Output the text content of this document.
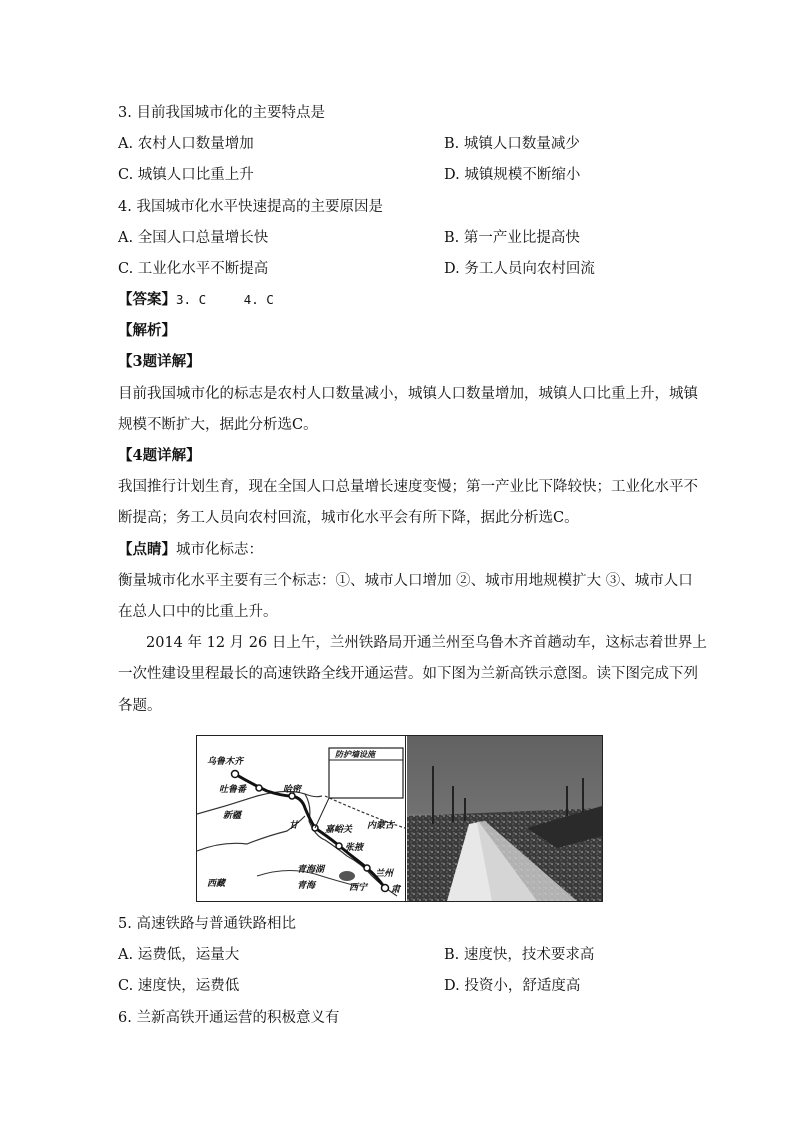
3. 目前我国城市化的主要特点是
A. 农村人口数量增加	B. 城镇人口数量减少
C. 城镇人口比重上升	D. 城镇规模不断缩小
4. 我国城市化水平快速提高的主要原因是
A. 全国人口总量增长快	B. 第一产业比提高快
C. 工业化水平不断提高	D. 务工人员向农村回流
【答案】3. C     4. C
【解析】
【3题详解】
目前我国城市化的标志是农村人口数量减小，城镇人口数量增加，城镇人口比重上升，城镇
规模不断扩大，据此分析选C。
【4题详解】
我国推行计划生育，现在全国人口总量增长速度变慢；第一产业比下降较快；工业化水平不
断提高；务工人员向农村回流，城市化水平会有所下降，据此分析选C。
【点睛】城市化标志：
衡量城市化水平主要有三个标志：①、城市人口增加 ②、城市用地规模扩大 ③、城市人口
在总人口中的比重上升。
2014 年 12 月 26 日上午，兰州铁路局开通兰州至乌鲁木齐首趟动车，这标志着世界上
一次性建设里程最长的高速铁路全线开通运营。如下图为兰新高铁示意图。读下图完成下列
各题。
乌鲁木齐
吐鲁番	哈密
新疆
甘	嘉峪关 内蒙古
张掖
青海湖
青海	西宁
兰州
肃
西藏
防护墙设施
5. 高速铁路与普通铁路相比
A. 运费低，运量大	B. 速度快，技术要求高
C. 速度快，运费低	D. 投资小，舒适度高
6. 兰新高铁开通运营的积极意义有
